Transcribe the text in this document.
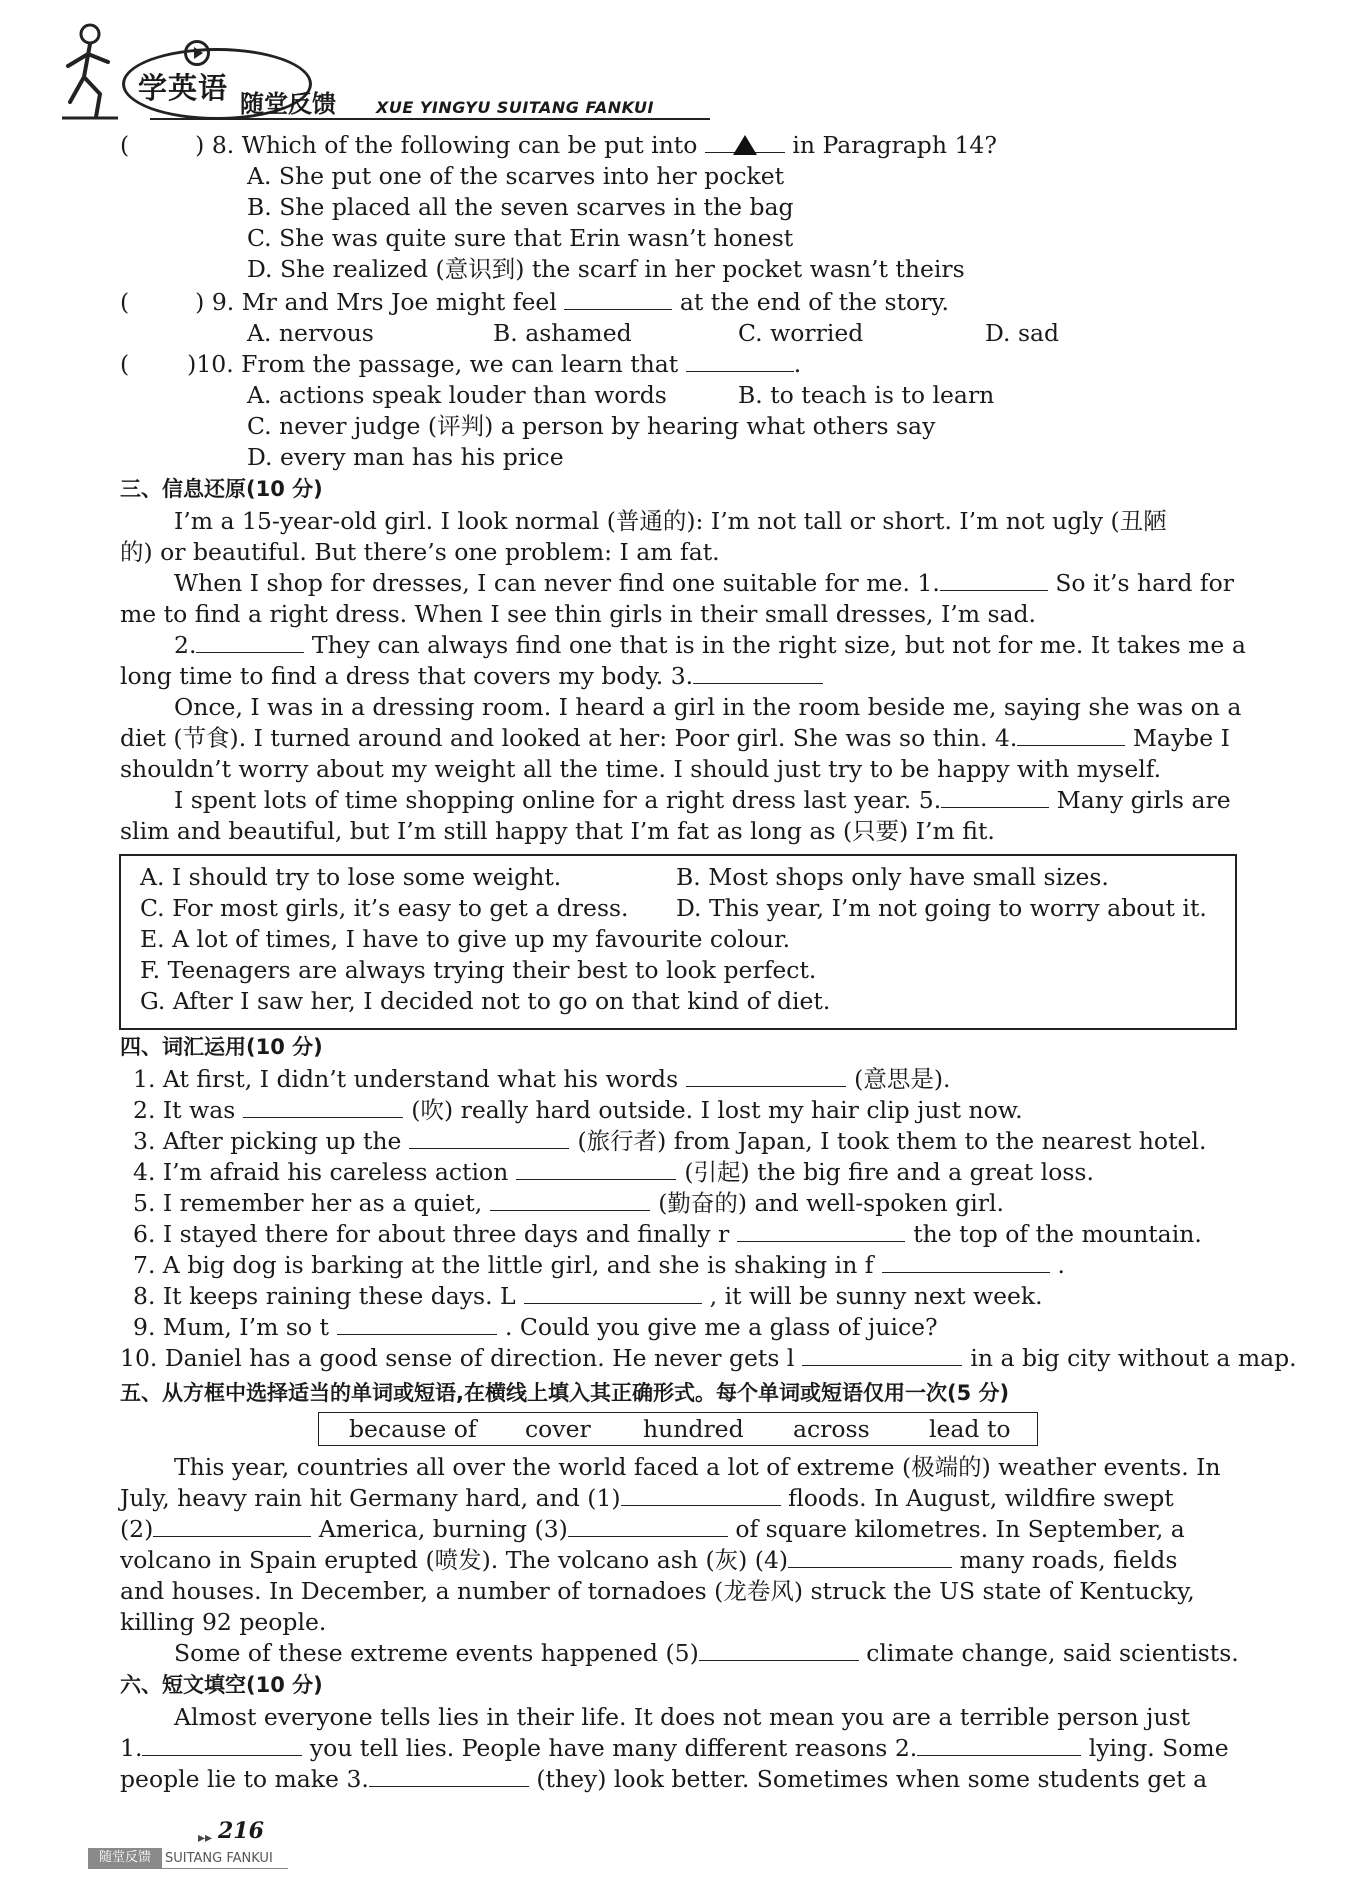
学英语 随堂反馈	XUE YINGYU SUITANG FANKUI
(	) 8. Which of the following can be put into	in Paragraph 14?
A. She put one of the scarves into her pocket
B. She placed all the seven scarves in the bag
C. She was quite sure that Erin wasn’t honest
D. She realized (意识到) the scarf in her pocket wasn’t theirs
(	) 9. Mr and Mrs Joe might feel	at the end of the story.
A. nervous	B. ashamed	C. worried	D. sad
( )10. From the passage, we can learn that	.
A. actions speak louder than words	B. to teach is to learn
C. never judge (评判) a person by hearing what others say
D. every man has his price
三、信息还原(10 分)
I’m a 15-year-old girl. I look normal (普通的): I’m not tall or short. I’m not ugly (丑陋
的) or beautiful. But there’s one problem: I am fat.
When I shop for dresses, I can never find one suitable for me. 1.	So it’s hard for
me to find a right dress. When I see thin girls in their small dresses, I’m sad.
2.	They can always find one that is in the right size, but not for me. It takes me a
long time to find a dress that covers my body. 3.
Once, I was in a dressing room. I heard a girl in the room beside me, saying she was on a
diet (节食). I turned around and looked at her: Poor girl. She was so thin. 4.	Maybe I
shouldn’t worry about my weight all the time. I should just try to be happy with myself.
I spent lots of time shopping online for a right dress last year. 5.	Many girls are
slim and beautiful, but I’m still happy that I’m fat as long as (只要) I’m fit.
A. I should try to lose some weight.	B. Most shops only have small sizes.
C. For most girls, it’s easy to get a dress. D. This year, I’m not going to worry about it.
E. A lot of times, I have to give up my favourite colour.
F. Teenagers are always trying their best to look perfect.
G. After I saw her, I decided not to go on that kind of diet.
四、词汇运用(10 分)
1. At first, I didn’t understand what his words	(意思是).
2. It was	(吹) really hard outside. I lost my hair clip just now.
3. After picking up the	(旅行者) from Japan, I took them to the nearest hotel.
4. I’m afraid his careless action	(引起) the big fire and a great loss.
5. I remember her as a quiet,	(勤奋的) and well-spoken girl.
6. I stayed there for about three days and finally r	the top of the mountain.
7. A big dog is barking at the little girl, and she is shaking in f	.
8. It keeps raining these days. L	, it will be sunny next week.
9. Mum, I’m so t	. Could you give me a glass of juice?
10. Daniel has a good sense of direction. He never gets l	in a big city without a map.
五、从方框中选择适当的单词或短语,在横线上填入其正确形式。每个单词或短语仅用一次(5 分)
because of cover hundred across	lead to
This year, countries all over the world faced a lot of extreme (极端的) weather events. In
July, heavy rain hit Germany hard, and (1)	floods. In August, wildfire swept
(2)	America, burning (3)	of square kilometres. In September, a
volcano in Spain erupted (喷发). The volcano ash (灰) (4)	many roads, fields
and houses. In December, a number of tornadoes (龙卷风) struck the US state of Kentucky,
killing 92 people.
Some of these extreme events happened (5)	climate change, said scientists.
六、短文填空(10 分)
Almost everyone tells lies in their life. It does not mean you are a terrible person just
1.	you tell lies. People have many different reasons 2.	lying. Some
people lie to make 3.	(they) look better. Sometimes when some students get a
▸▸ 216
随堂反馈	SUITANG FANKUI
